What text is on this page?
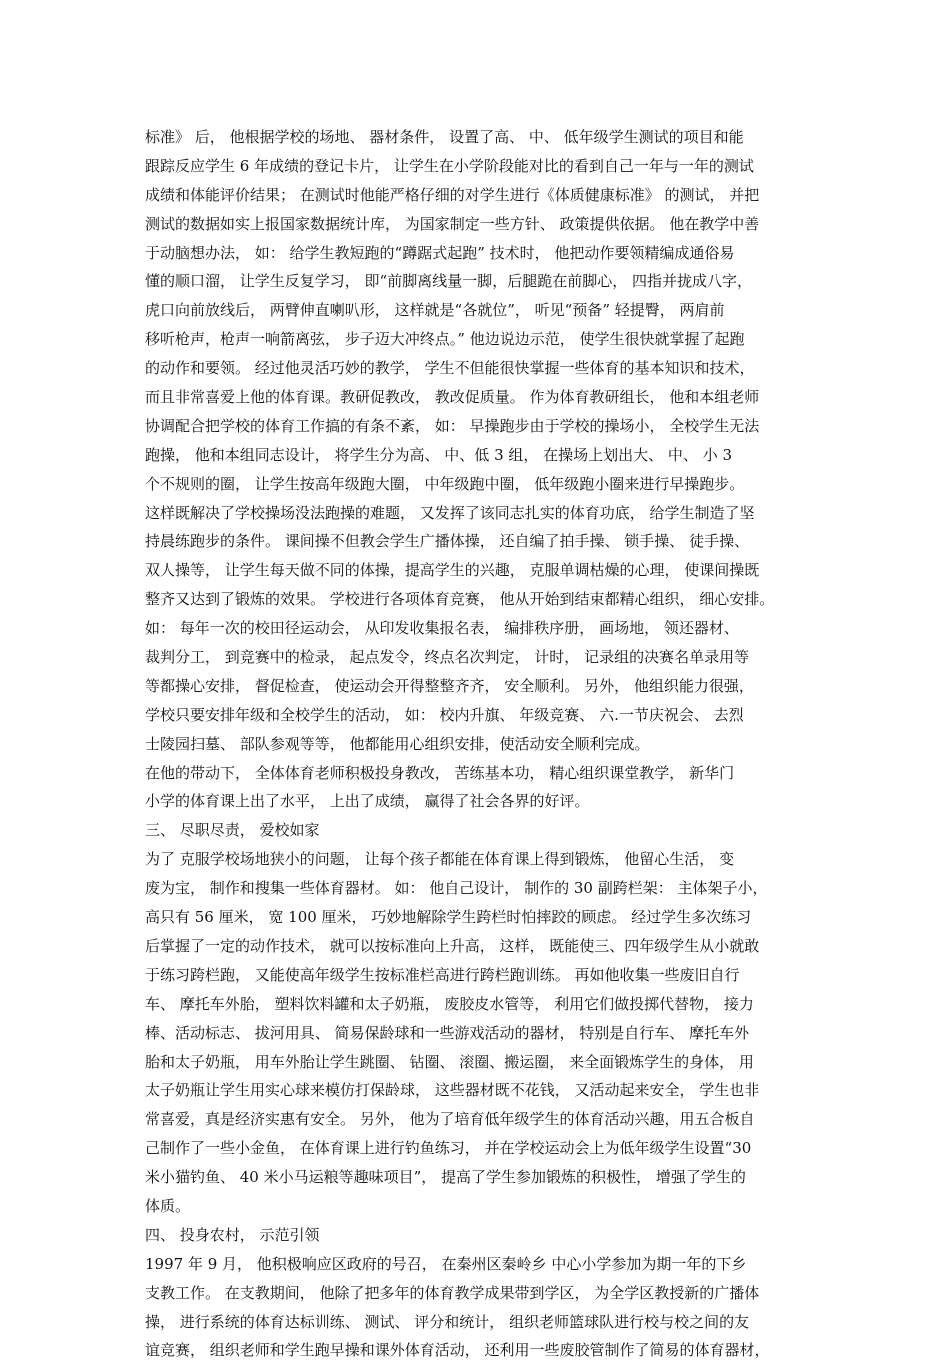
标准》 后， 他根据学校的场地、 器材条件， 设置了高、 中、 低年级学生测试的项目和能
跟踪反应学生 6 年成绩的登记卡片， 让学生在小学阶段能对比的看到自己一年与一年的测试
成绩和体能评价结果； 在测试时他能严格仔细的对学生进行《体质健康标准》 的测试， 并把
测试的数据如实上报国家数据统计库， 为国家制定一些方针、 政策提供依据。 他在教学中善
于动脑想办法， 如： 给学生教短跑的“蹲踞式起跑” 技术时， 他把动作要领精编成通俗易
懂的顺口溜， 让学生反复学习， 即“前脚离线量一脚，后腿跪在前脚心， 四指并拢成八字，
虎口向前放线后， 两臂伸直喇叭形， 这样就是“各就位”， 听见“预备” 轻提臀， 两肩前
移听枪声，枪声一响箭离弦， 步子迈大冲终点。” 他边说边示范， 使学生很快就掌握了起跑
的动作和要领。 经过他灵活巧妙的教学， 学生不但能很快掌握一些体育的基本知识和技术，
而且非常喜爱上他的体育课。教研促教改， 教改促质量。 作为体育教研组长， 他和本组老师
协调配合把学校的体育工作搞的有条不紊， 如： 早操跑步由于学校的操场小， 全校学生无法
跑操， 他和本组同志设计， 将学生分为高、 中、低 3 组， 在操场上划出大、 中、 小 3
个不规则的圈， 让学生按高年级跑大圈， 中年级跑中圈， 低年级跑小圈来进行早操跑步。
这样既解决了学校操场没法跑操的难题， 又发挥了该同志扎实的体育功底， 给学生制造了坚
持晨练跑步的条件。 课间操不但教会学生广播体操， 还自编了拍手操、 锁手操、 徒手操、
双人操等， 让学生每天做不同的体操，提高学生的兴趣， 克服单调枯燥的心理， 使课间操既
整齐又达到了锻炼的效果。 学校进行各项体育竞赛， 他从开始到结束都精心组织， 细心安排。
如： 每年一次的校田径运动会， 从印发收集报名表， 编排秩序册， 画场地， 领还器材、
裁判分工， 到竞赛中的检录， 起点发令，终点名次判定， 计时， 记录组的决赛名单录用等
等都操心安排， 督促检查， 使运动会开得整整齐齐， 安全顺利。 另外， 他组织能力很强，
学校只要安排年级和全校学生的活动， 如： 校内升旗、 年级竞赛、 六.一节庆祝会、 去烈
士陵园扫墓、 部队参观等等， 他都能用心组织安排，使活动安全顺利完成。
在他的带动下， 全体体育老师积极投身教改， 苦练基本功， 精心组织课堂教学， 新华门
小学的体育课上出了水平， 上出了成绩， 赢得了社会各界的好评。
三、 尽职尽责， 爱校如家
为了 克服学校场地狭小的问题， 让每个孩子都能在体育课上得到锻炼， 他留心生活， 变
废为宝， 制作和搜集一些体育器材。 如： 他自己设计， 制作的 30 副跨栏架： 主体架子小，
高只有 56 厘米， 宽 100 厘米， 巧妙地解除学生跨栏时怕摔跤的顾虑。 经过学生多次练习
后掌握了一定的动作技术， 就可以按标准向上升高， 这样， 既能使三、四年级学生从小就敢
于练习跨栏跑， 又能使高年级学生按标准栏高进行跨栏跑训练。 再如他收集一些废旧自行
车、 摩托车外胎， 塑料饮料罐和太子奶瓶， 废胶皮水管等， 利用它们做投掷代替物， 接力
棒、活动标志、 拔河用具、 简易保龄球和一些游戏活动的器材， 特别是自行车、 摩托车外
胎和太子奶瓶， 用车外胎让学生跳圈、 钻圈、 滚圈、搬运圈， 来全面锻炼学生的身体， 用
太子奶瓶让学生用实心球来模仿打保龄球， 这些器材既不花钱， 又活动起来安全， 学生也非
常喜爱，真是经济实惠有安全。 另外， 他为了培育低年级学生的体育活动兴趣，用五合板自
己制作了一些小金鱼， 在体育课上进行钓鱼练习， 并在学校运动会上为低年级学生设置“30
米小猫钓鱼、 40 米小马运粮等趣味项目”， 提高了学生参加锻炼的积极性， 增强了学生的
体质。
四、 投身农村， 示范引领
1997 年 9 月， 他积极响应区政府的号召， 在秦州区秦岭乡 中心小学参加为期一年的下乡
支教工作。 在支教期间， 他除了把多年的体育教学成果带到学区， 为全学区教授新的广播体
操， 进行系统的体育达标训练、 测试、 评分和统计， 组织老师篮球队进行校与校之间的友
谊竞赛， 组织老师和学生跑早操和课外体育活动， 还利用一些废胶管制作了简易的体育器材，
